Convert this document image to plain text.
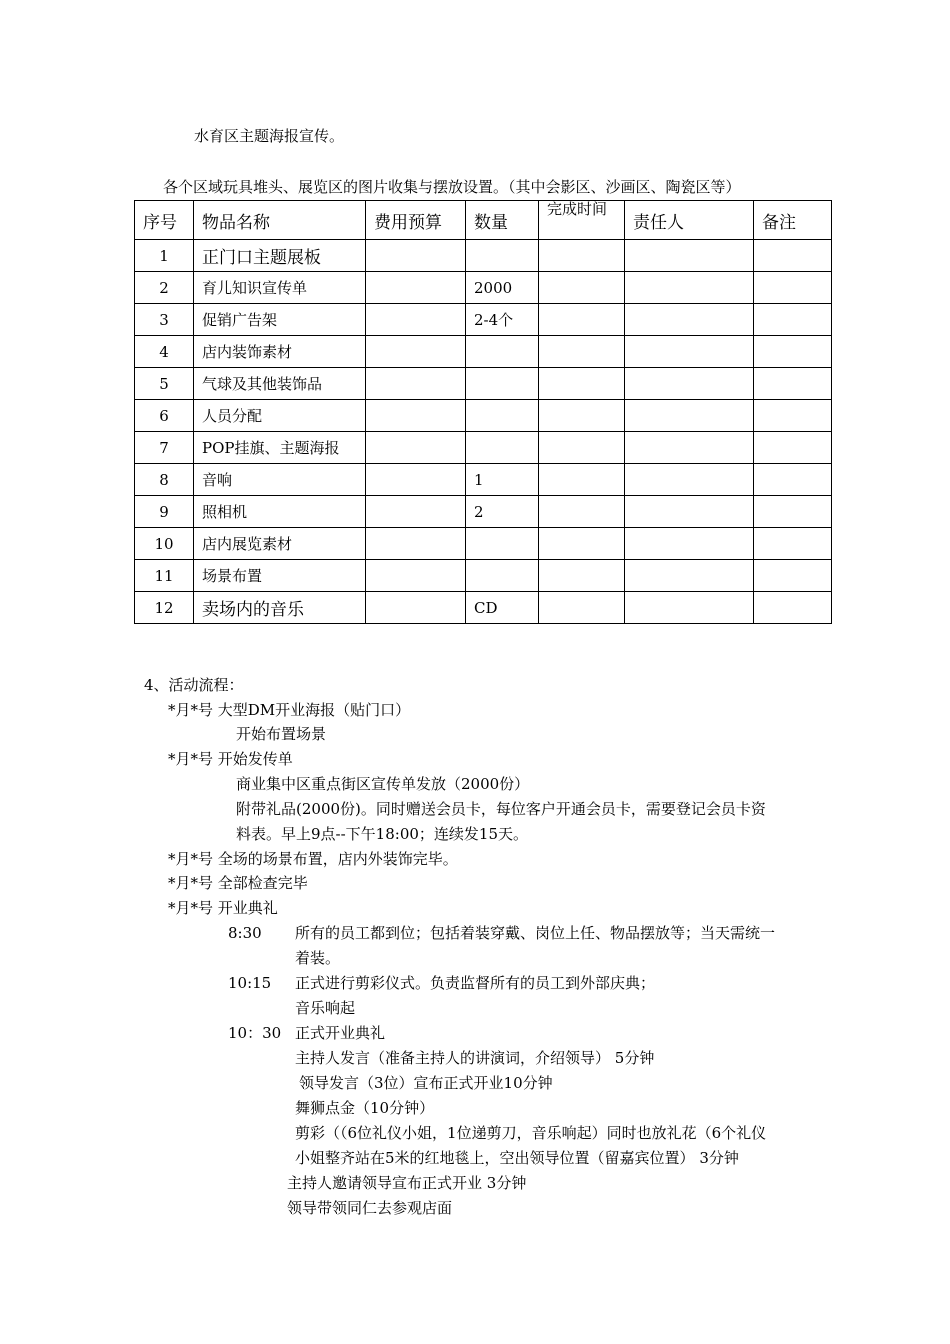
水育区主题海报宣传。
各个区域玩具堆头、展览区的图片收集与摆放设置。（其中会影区、沙画区、陶瓷区等）
序号	物品名称	费用预算	数量	完成时间	责任人	备注
1	正门口主题展板					
2	育儿知识宣传单		2000			
3	促销广告架		2-4个			
4	店内装饰素材					
5	气球及其他装饰品					
6	人员分配					
7	POP挂旗、主题海报					
8	音响		1			
9	照相机		2			
10	店内展览素材					
11	场景布置					
12	卖场内的音乐		CD			
4、活动流程：
*月*号 大型DM开业海报（贴门口）
开始布置场景
*月*号 开始发传单
商业集中区重点街区宣传单发放（2000份）
附带礼品(2000份)。同时赠送会员卡，每位客户开通会员卡，需要登记会员卡资
料表。早上9点--下午18:00；连续发15天。
*月*号 全场的场景布置，店内外装饰完毕。
*月*号 全部检查完毕
*月*号 开业典礼
8:30 所有的员工都到位；包括着装穿戴、岗位上任、物品摆放等；当天需统一
着装。
10:15 正式进行剪彩仪式。负责监督所有的员工到外部庆典；
音乐响起
10：30 正式开业典礼
主持人发言（准备主持人的讲演词，介绍领导） 5分钟
领导发言（3位）宣布正式开业10分钟
舞狮点金（10分钟）
剪彩（（6位礼仪小姐，1位递剪刀，音乐响起）同时也放礼花（6个礼仪
小姐整齐站在5米的红地毯上，空出领导位置（留嘉宾位置） 3分钟
主持人邀请领导宣布正式开业 3分钟
领导带领同仁去参观店面
